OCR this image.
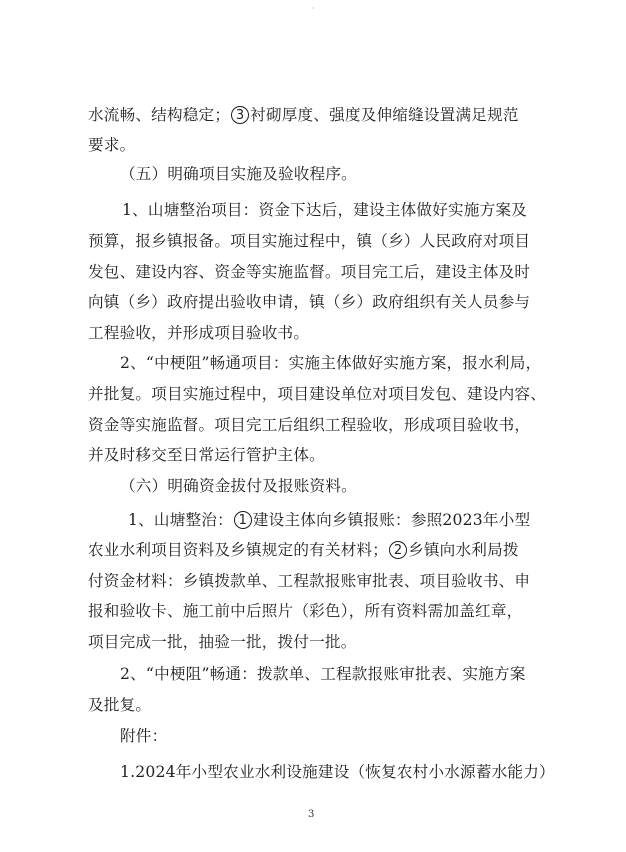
·
水流畅、结构稳定； 3 衬砌厚度、强度及伸缩缝设置满足规范
要求。
（五）明确项目实施及验收程序。
1、山塘整治项目：资金下达后，建设主体做好实施方案及
预算，报乡镇报备。项目实施过程中，镇（乡）人民政府对项目
发包、建设内容、资金等实施监督。项目完工后，建设主体及时
向镇（乡）政府提出验收申请，镇（乡）政府组织有关人员参与
工程验收，并形成项目验收书。
2、“中梗阻”畅通项目：实施主体做好实施方案，报水利局，
并批复。项目实施过程中，项目建设单位对项目发包、建设内容、
资金等实施监督。项目完工后组织工程验收，形成项目验收书，
并及时移交至日常运行管护主体。
（六）明确资金拔付及报账资料。
1、山塘整治： 1 建设主体向乡镇报账：参照2023年小型
农业水利项目资料及乡镇规定的有关材料； 2 乡镇向水利局拨
付资金材料：乡镇拨款单、工程款报账审批表、项目验收书、申
报和验收卡、施工前中后照片（彩色），所有资料需加盖红章，
项目完成一批，抽验一批，拨付一批。
2、“中梗阻”畅通：拨款单、工程款报账审批表、实施方案
及批复。
附件：
1.2024年小型农业水利设施建设（恢复农村小水源蓄水能力）
3
